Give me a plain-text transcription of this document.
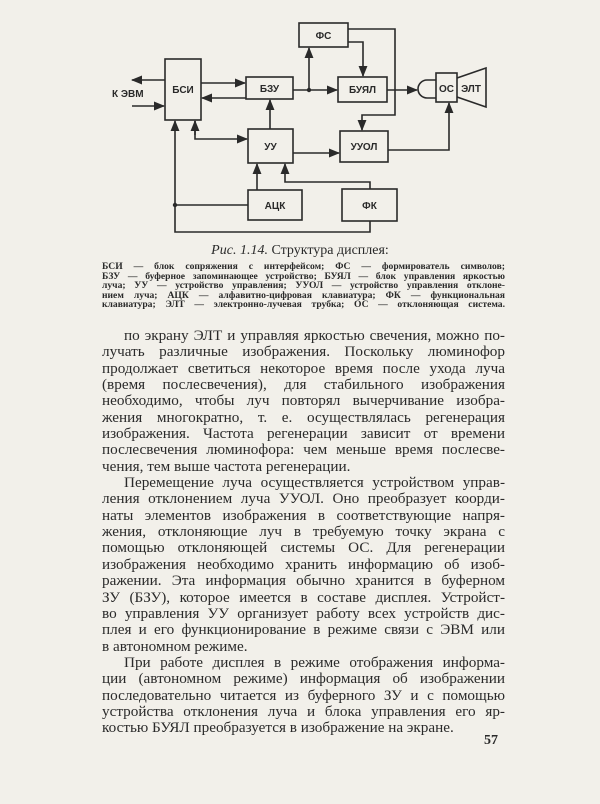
БСИ	БЗУ
ФС
БУЯЛ
УУ	УУОЛ
АЦК	ФК
ОС ЭЛТ
К ЭВМ
Рис. 1.14. Структура дисплея:
БСИ — блок сопряжения с интерфейсом; ФС — формирователь символов;
БЗУ — буферное запоминающее устройство; БУЯЛ — блок управления яркостью
луча; УУ — устройство управления; УУОЛ — устройство управления отклоне-
нием луча; АЦК — алфавитно-цифровая клавиатура; ФК — функциональная
клавиатура; ЭЛТ — электронно-лучевая трубка; ОС — отклоняющая система.
по экрану ЭЛТ и управляя яркостью свечения, можно по-
лучать различные изображения. Поскольку люминофор
продолжает светиться некоторое время после ухода луча
(время послесвечения), для стабильного изображения
необходимо, чтобы луч повторял вычерчивание изобра-
жения многократно, т. е. осуществлялась регенерация
изображения. Частота регенерации зависит от времени
послесвечения люминофора: чем меньше время послесве-
чения, тем выше частота регенерации.
Перемещение луча осуществляется устройством управ-
ления отклонением луча УУОЛ. Оно преобразует коорди-
наты элементов изображения в соответствующие напря-
жения, отклоняющие луч в требуемую точку экрана с
помощью отклоняющей системы ОС. Для регенерации
изображения необходимо хранить информацию об изоб-
ражении. Эта информация обычно хранится в буферном
ЗУ (БЗУ), которое имеется в составе дисплея. Устройст-
во управления УУ организует работу всех устройств дис-
плея и его функционирование в режиме связи с ЭВМ или
в автономном режиме.
При работе дисплея в режиме отображения информа-
ции (автономном режиме) информация об изображении
последовательно читается из буферного ЗУ и с помощью
устройства отклонения луча и блока управления его яр-
костью БУЯЛ преобразуется в изображение на экране.
57
